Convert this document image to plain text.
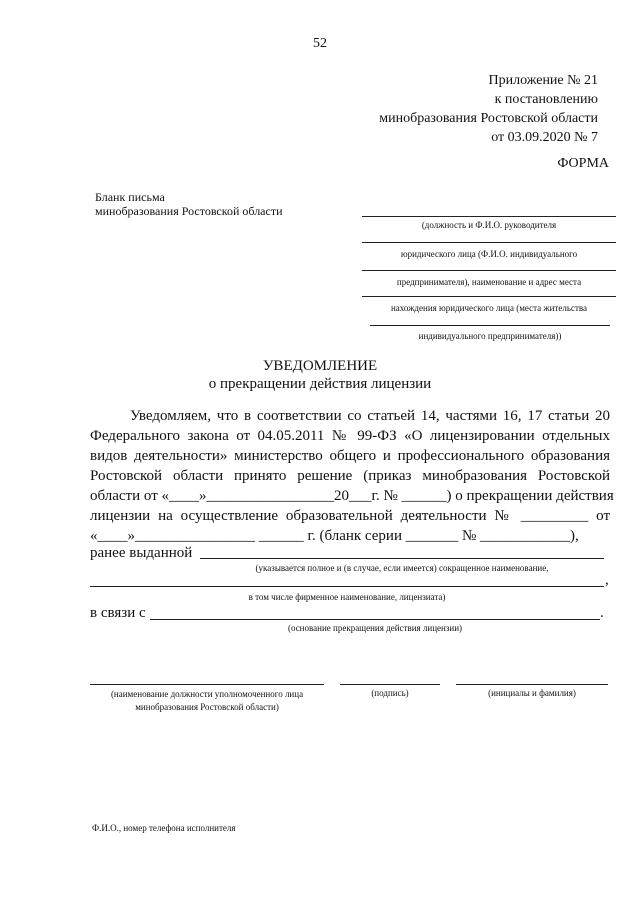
52
Приложение № 21
к постановлению
минобразования Ростовской области
от 03.09.2020 № 7
ФОРМА
Бланк письма
минобразования Ростовской области
(должность и Ф.И.О. руководителя
юридического лица (Ф.И.О. индивидуального
предпринимателя), наименование и адрес места
нахождения юридического лица (места жительства
индивидуального предпринимателя))
УВЕДОМЛЕНИЕ
о прекращении действия лицензии
Уведомляем, что в соответствии со статьей 14, частями 16, 17 статьи 20
Федерального закона от 04.05.2011 № 99-ФЗ «О лицензировании отдельных
видов деятельности» министерство общего и профессионального образования
Ростовской области принято решение (приказ минобразования Ростовской
области от «____»_________________20___г. № ______) о прекращении действия
лицензии на осуществление образовательной деятельности № _________ от
«____»________________ ______ г. (бланк серии _______ № ____________),
ранее выданной
(указывается полное и (в случае, если имеется) сокращенное наименование,
,
в том числе фирменное наименование, лицензиата)
в связи с	.
(основание прекращения действия лицензии)
(наименование должности уполномоченного лица
минобразования Ростовской области)
(подпись)	(инициалы и фамилия)
Ф.И.О., номер телефона исполнителя
